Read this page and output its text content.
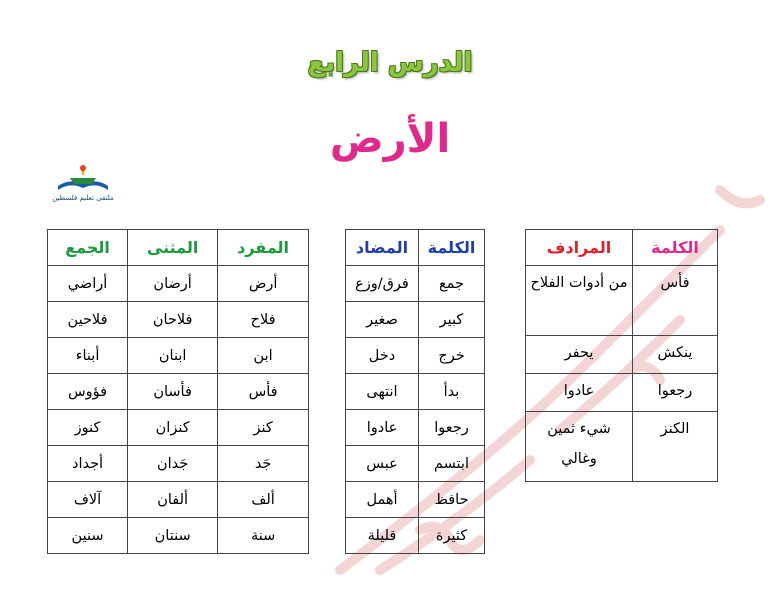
الدرس الرابع
الأرض
ملتقى تعليم فلسطين
المفرد	المثنى	الجمع
أرض	أرضان	أراضي
فلاح	فلاحان	فلاحين
ابن	ابنان	أبناء
فأس	فأسان	فؤوس
كنز	كنزان	كنوز
جَد	جَدان	أجداد
ألف	ألفان	آلاف
سنة	سنتان	سنين
الكلمة	المضاد
جمع	فرق/وزع
كبير	صغير
خرج	دخل
بدأ	انتهى
رجعوا	عادوا
ابتسم	عبس
حافظ	أهمل
كثيرة	قليلة
الكلمة	المرادف
فأس	من أدوات الفلاح
ينكش	يحفر
رجعوا	عادوا
الكنز	شيء ثمين وغالي
